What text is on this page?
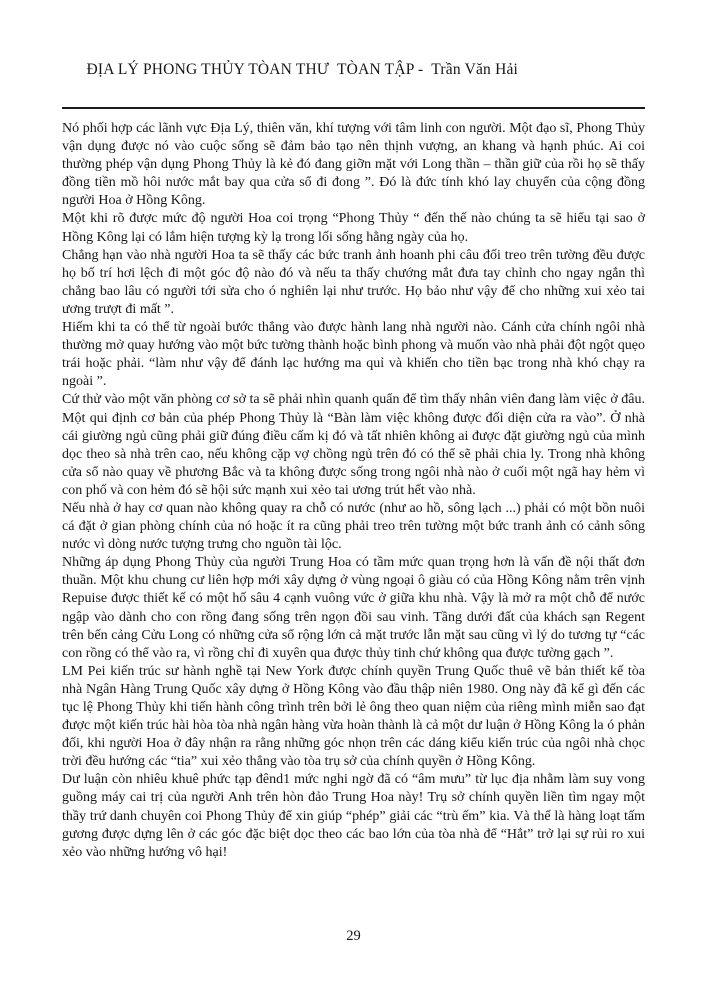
ĐỊA LÝ PHONG THỦY TÒAN THƯ  TÒAN TẬP -  Trần Văn Hải

Nó phối hợp các lãnh vực Địa Lý, thiên văn, khí tượng với tâm linh con người. Một đạo sĩ, Phong Thủy vận dụng được nó vào cuộc sống sẽ đảm bảo tạo nên thịnh vượng, an khang và hạnh phúc. Ai coi thường phép vận dụng Phong Thủy là kẻ đó đang giỡn mặt với Long thần – thần giữ của rồi họ sẽ thấy đồng tiền mồ hôi nước mắt bay qua cửa sổ đi đong ”. Đó là đức tính khó lay chuyển của cộng đồng người Hoa ở Hồng Kông.

Một khi rõ được mức độ người Hoa coi trọng “Phong Thủy “ đến thế nào chúng ta sẽ hiểu tại sao ở Hồng Kông lại có lắm hiện tượng kỳ lạ trong lối sống hằng ngày của họ.

Chẳng hạn vào nhà người Hoa ta sẽ thấy các bức tranh ảnh hoanh phi câu đối treo trên tường đều được họ bố trí hơi lệch đi một góc độ nào đó và nếu ta thấy chướng mắt đưa tay chỉnh cho ngay ngắn thì chẳng bao lâu có người tới sửa cho ó nghiên lại như trước. Họ bảo như vậy để cho những xui xẻo tai ương trượt đi mất ”.

Hiếm khi ta có thể từ ngoài bước thẳng vào được hành lang nhà người nào. Cánh cửa chính ngôi nhà thường mở quay hướng vào một bức tường thành hoặc bình phong và muốn vào nhà phải đột ngột quẹo trái hoặc phải. “làm như vậy để đánh lạc hướng ma quỉ và khiến cho tiền bạc trong nhà khó chạy ra ngoài ”.

Cứ thử vào một văn phòng cơ sở ta sẽ phải nhìn quanh quẩn để tìm thấy nhân viên đang làm việc ở đâu. Một qui định cơ bản của phép Phong Thủy là “Bàn làm việc không được đối diện cửa ra vào”. Ở nhà cái giường ngủ cũng phải giữ đúng điều cấm kị đó và tất nhiên không ai được đặt giường ngủ của mình dọc theo sà nhà trên cao, nếu không cặp vợ chồng ngủ trên đó có thể sẽ phải chia ly. Trong nhà không cửa sổ nào quay về phương Bắc và ta không được sống trong ngôi nhà nào ở cuối một ngã hay hẻm vì con phố và con hẻm đó sẽ hội sức mạnh xui xẻo tai ương trút hết vào nhà.

Nếu nhà ở hay cơ quan nào không quay ra chỗ có nước (như ao hồ, sông lạch ...) phải có một bồn nuôi cá đặt ở gian phòng chính của nó hoặc ít ra cũng phải treo trên tường một bức tranh ảnh có cảnh sông nước vì dòng nước tượng trưng cho nguồn tài lộc.

Những áp dụng Phong Thủy của người Trung Hoa có tầm mức quan trọng hơn là vấn đề nội thất đơn thuần. Một khu chung cư liên hợp mới xây dựng ở vùng ngoại ô giàu có của Hồng Kông nằm trên vịnh Repuise được thiết kế có một hố sâu 4 cạnh vuông vức ở giữa khu nhà. Vậy là mở ra một chỗ để nước ngập vào dành cho con rồng đang sống trên ngọn đồi sau vinh. Tầng dưới đất của khách sạn Regent trên bến cảng Cửu Long có những cửa sổ rộng lớn cả mặt trước lẫn mặt sau cũng vì lý do tương tự “các con rồng có thể vào ra, vì rồng chỉ đi xuyên qua được thủy tinh chứ không qua được tường gạch ”.

LM Pei kiến trúc sư hành nghề tại New York được chính quyền Trung Quốc thuê vẽ bản thiết kế tòa nhà Ngân Hàng Trung Quốc xây dựng ở Hồng Kông vào đầu thập niên 1980. Ong này đã kể gì đến các tục lệ Phong Thủy khi tiến hành công trình trên bởi lẻ ông theo quan niệm của riêng mình miễn sao đạt được một kiến trúc hài hòa tòa nhà ngân hàng vừa hoàn thành là cả một dư luận ở Hồng Kông la ó phản đối, khi người Hoa ở đây nhận ra rằng những góc nhọn trên các dáng kiểu kiến trúc của ngôi nhà chọc trời đều hướng các “tia” xui xẻo thẳng vào tòa trụ sở của chính quyền ở Hồng Kông.

Dư luận còn nhiêu khuê phức tạp đênd1 mức nghi ngờ đã có “âm mưu” từ lục địa nhằm làm suy vong guồng máy cai trị của người Anh trên hòn đảo Trung Hoa này! Trụ sở chính quyền liền tìm ngay một thầy trứ danh chuyên coi Phong Thủy để xin giúp “phép” giải các “trù ếm” kia. Và thế là hàng loạt tấm gương được dựng lên ở các góc đặc biệt dọc theo các bao lớn của tòa nhà để “Hắt” trở lại sự rủi ro xui xẻo vào những hướng vô hại!

29
